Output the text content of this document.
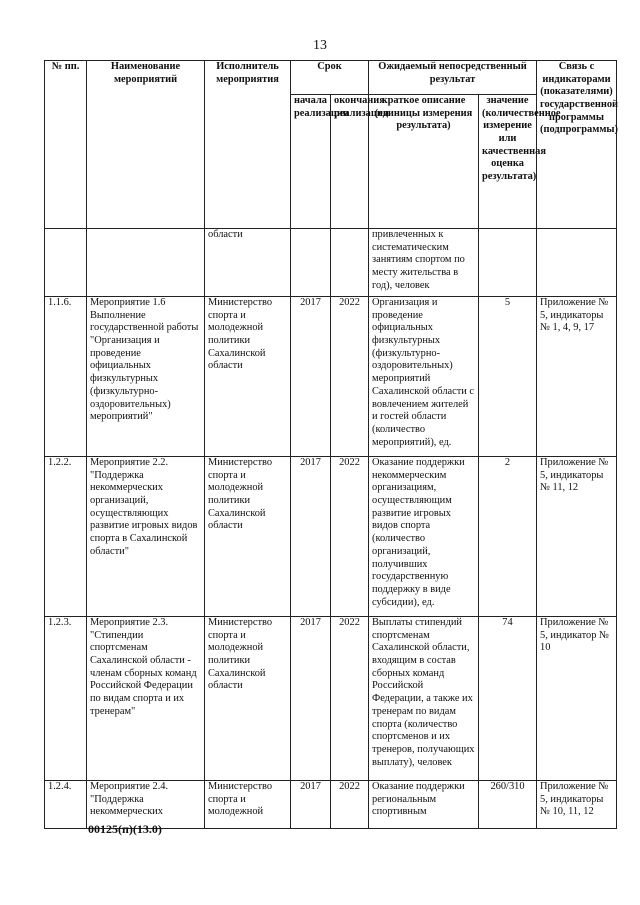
13
№ пп.	Наименование мероприятий	Исполнитель мероприятия	Срок		Ожидаемый непосредственный результат		Связь с индикаторами (показателями) государственной программы (подпрограммы)
			начала реализации	окончания реализации	краткое описание (единицы измерения результата)	значение (количественное измерение или качественная оценка результата)	
		области			привлеченных к систематическим занятиям спортом по месту жительства в год), человек		
1.1.6.	Мероприятие 1.6 Выполнение государственной работы "Организация и проведение официальных физкультурных (физкультурно-оздоровительных) мероприятий"	Министерство спорта и молодежной политики Сахалинской области	2017	2022	Организация и проведение официальных физкультурных (физкультурно-оздоровительных) мероприятий Сахалинской области с вовлечением жителей и гостей области (количество мероприятий), ед.	5	Приложение № 5, индикаторы № 1, 4, 9, 17
1.2.2.	Мероприятие 2.2. "Поддержка некоммерческих организаций, осуществляющих развитие игровых видов спорта в Сахалинской области"	Министерство спорта и молодежной политики Сахалинской области	2017	2022	Оказание поддержки некоммерческим организациям, осуществляющим развитие игровых видов спорта (количество организаций, получивших государственную поддержку в виде субсидии), ед.	2	Приложение № 5, индикаторы № 11, 12
1.2.3.	Мероприятие 2.3. "Стипендии спортсменам Сахалинской области - членам сборных команд Российской Федерации по видам спорта и их тренерам"	Министерство спорта и молодежной политики Сахалинской области	2017	2022	Выплаты стипендий спортсменам Сахалинской области, входящим в состав сборных команд Российской Федерации, а также их тренерам по видам спорта (количество спортсменов и их тренеров, получающих выплату), человек	74	Приложение № 5, индикатор № 10
1.2.4.	Мероприятие 2.4. "Поддержка некоммерческих	Министерство спорта и молодежной	2017	2022	Оказание поддержки региональным спортивным	260/310	Приложение № 5, индикаторы № 10, 11, 12
00125(п)(13.0)
